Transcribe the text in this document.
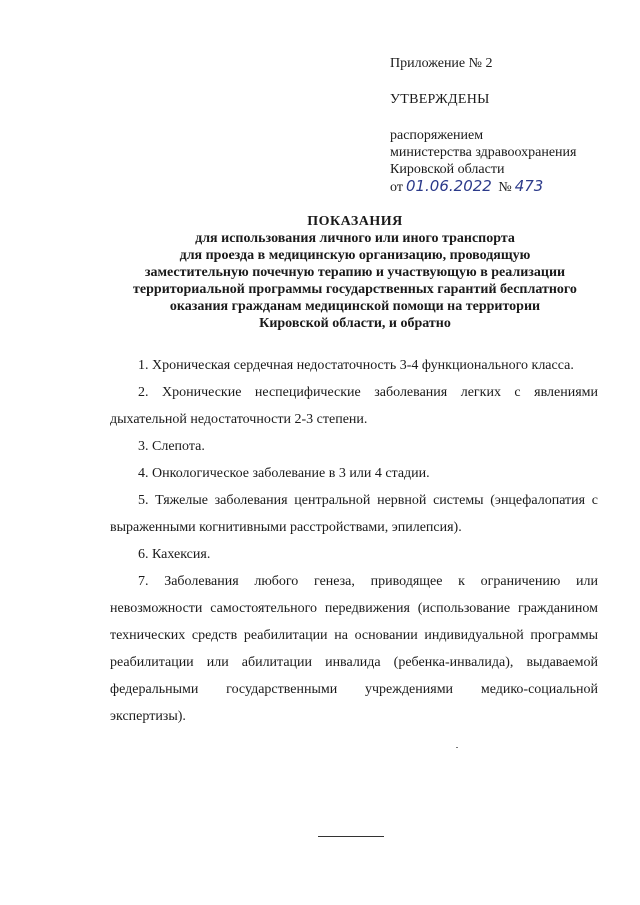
Приложение № 2
УТВЕРЖДЕНЫ
распоряжением
министерства здравоохранения
Кировской области
от 01.06.2022 № 473
ПОКАЗАНИЯ
для использования личного или иного транспорта
для проезда в медицинскую организацию, проводящую
заместительную почечную терапию и участвующую в реализации
территориальной программы государственных гарантий бесплатного
оказания гражданам медицинской помощи на территории
Кировской области, и обратно

1. Хроническая сердечная недостаточность 3-4 функционального класса.

2. Хронические неспецифические заболевания легких с явлениями дыхательной недостаточности 2-3 степени.

3. Слепота.

4. Онкологическое заболевание в 3 или 4 стадии.

5. Тяжелые заболевания центральной нервной системы (энцефалопатия с выраженными когнитивными расстройствами, эпилепсия).

6. Кахексия.

7. Заболевания любого генеза, приводящее к ограничению или невозможности самостоятельного передвижения (использование гражданином технических средств реабилитации на основании индивидуальной программы реабилитации или абилитации инвалида (ребенка-инвалида), выдаваемой федеральными государственными учреждениями медико-социальной экспертизы).
